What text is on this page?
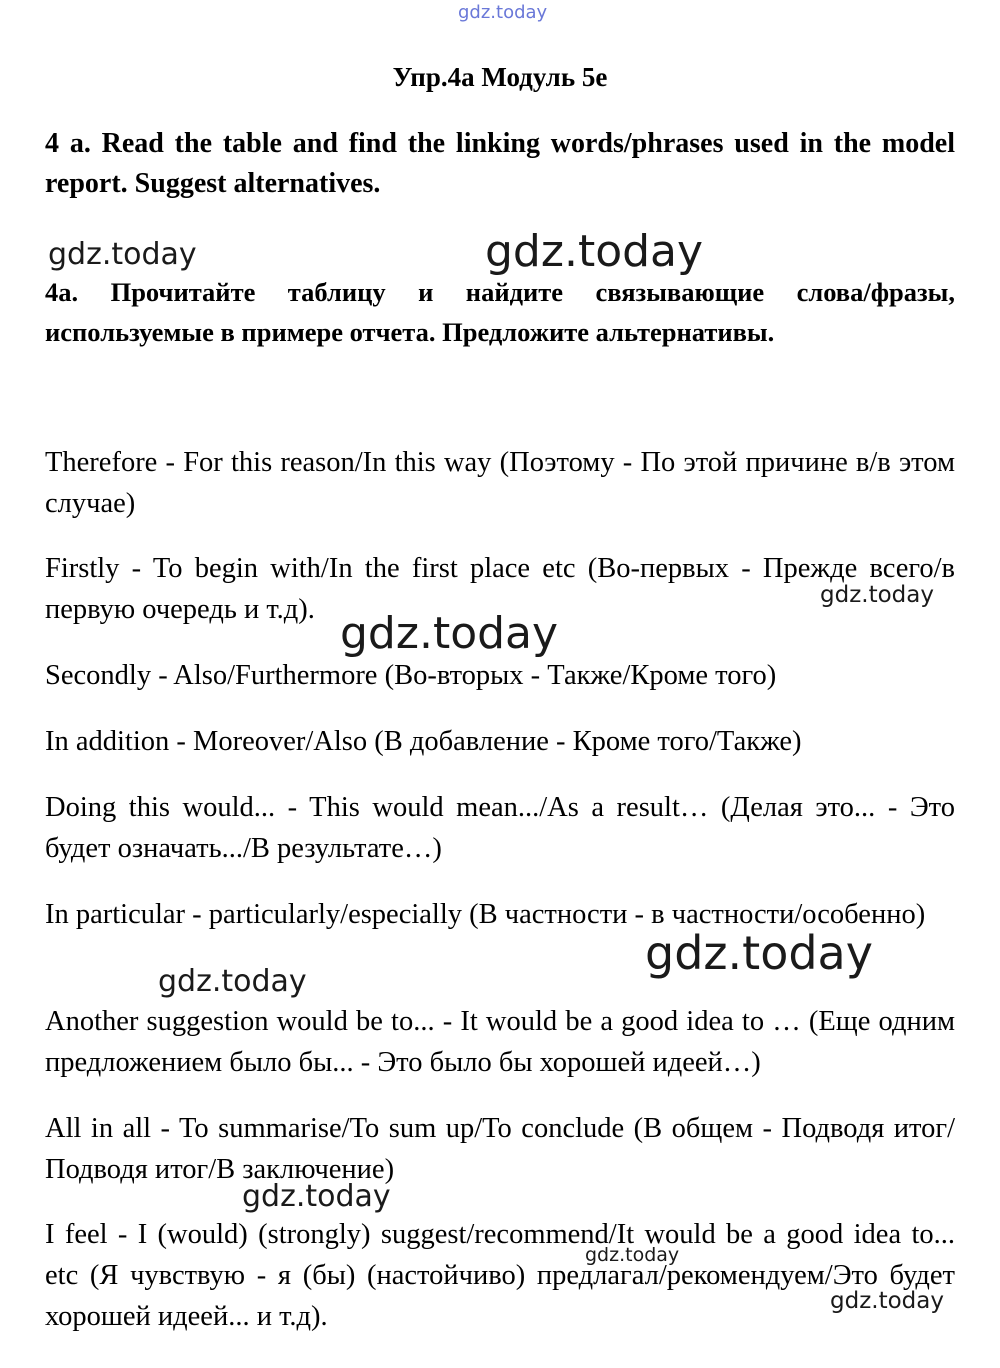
gdz.today
Упр.4а Модуль 5е
4 a. Read the table and find the linking words/phrases used in the model report. Suggest alternatives.
gdz.today	gdz.today
4а. Прочитайте таблицу и найдите связывающие слова/фразы, используемые в примере отчета. Предложите альтернативы.

Therefore - For this reason/In this way (Поэтому - По этой причине в/в этом случае)

Firstly - To begin with/In the first place etc (Во-первых - Прежде всего/в первую очередь и т.д).	gdz.today
gdz.today

Secondly - Also/Furthermore (Во-вторых - Также/Кроме того)

In addition - Moreover/Also (В добавление - Кроме того/Также)

Doing this would... - This would mean.../As a result… (Делая это... - Это будет означать.../В результате…)

In particular - particularly/especially (В частности - в частности/особенно)

gdz.today
gdz.today

Another suggestion would be to... - It would be a good idea to … (Еще одним предложением было бы... - Это было бы хорошей идеей…)

All in all - To summarise/To sum up/To conclude (В общем - Подводя итог/Подводя итог/В заключение)

gdz.today

I feel - I (would) (strongly) suggest/recommend/It would be a good idea to... etc (Я чувствую - я (бы) (настойчиво) предлагал/рекомендуем/Это будет хорошей идеей... и т.д).

gdz.today
gdz.today
